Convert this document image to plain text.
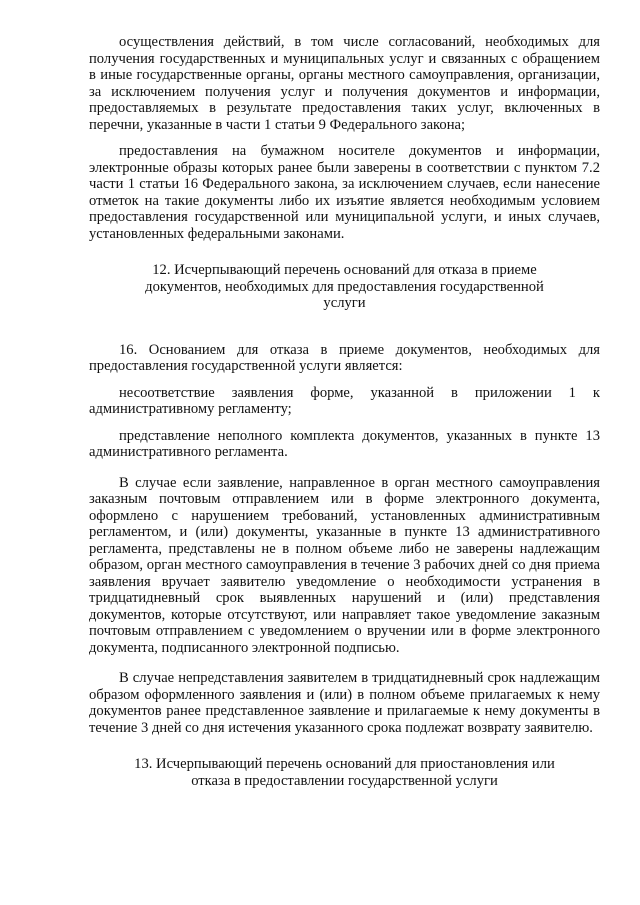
осуществления действий, в том числе согласований, необходимых для получения государственных и муниципальных услуг и связанных с обращением в иные государственные органы, органы местного самоуправления, организации, за исключением получения услуг и получения документов и информации, предоставляемых в результате предоставления таких услуг, включенных в перечни, указанные в части 1 статьи 9 Федерального закона;

предоставления на бумажном носителе документов и информации, электронные образы которых ранее были заверены в соответствии с пунктом 7.2 части 1 статьи 16 Федерального закона, за исключением случаев, если нанесение отметок на такие документы либо их изъятие является необходимым условием предоставления государственной или муниципальной услуги, и иных случаев, установленных федеральными законами.

12. Исчерпывающий перечень оснований для отказа в приеме документов, необходимых для предоставления государственной услуги

16. Основанием для отказа в приеме документов, необходимых для предоставления государственной услуги является:

несоответствие заявления форме, указанной в приложении 1 к административному регламенту;

представление неполного комплекта документов, указанных в пункте 13 административного регламента.

В случае если заявление, направленное в орган местного самоуправления заказным почтовым отправлением или в форме электронного документа, оформлено с нарушением требований, установленных административным регламентом, и (или) документы, указанные в пункте 13 административного регламента, представлены не в полном объеме либо не заверены надлежащим образом, орган местного самоуправления в течение 3 рабочих дней со дня приема заявления вручает заявителю уведомление о необходимости устранения в тридцатидневный срок выявленных нарушений и (или) представления документов, которые отсутствуют, или направляет такое уведомление заказным почтовым отправлением с уведомлением о вручении или в форме электронного документа, подписанного электронной подписью.

В случае непредставления заявителем в тридцатидневный срок надлежащим образом оформленного заявления и (или) в полном объеме прилагаемых к нему документов ранее представленное заявление и прилагаемые к нему документы в течение 3 дней со дня истечения указанного срока подлежат возврату заявителю.

13. Исчерпывающий перечень оснований для приостановления или отказа в предоставлении государственной услуги
